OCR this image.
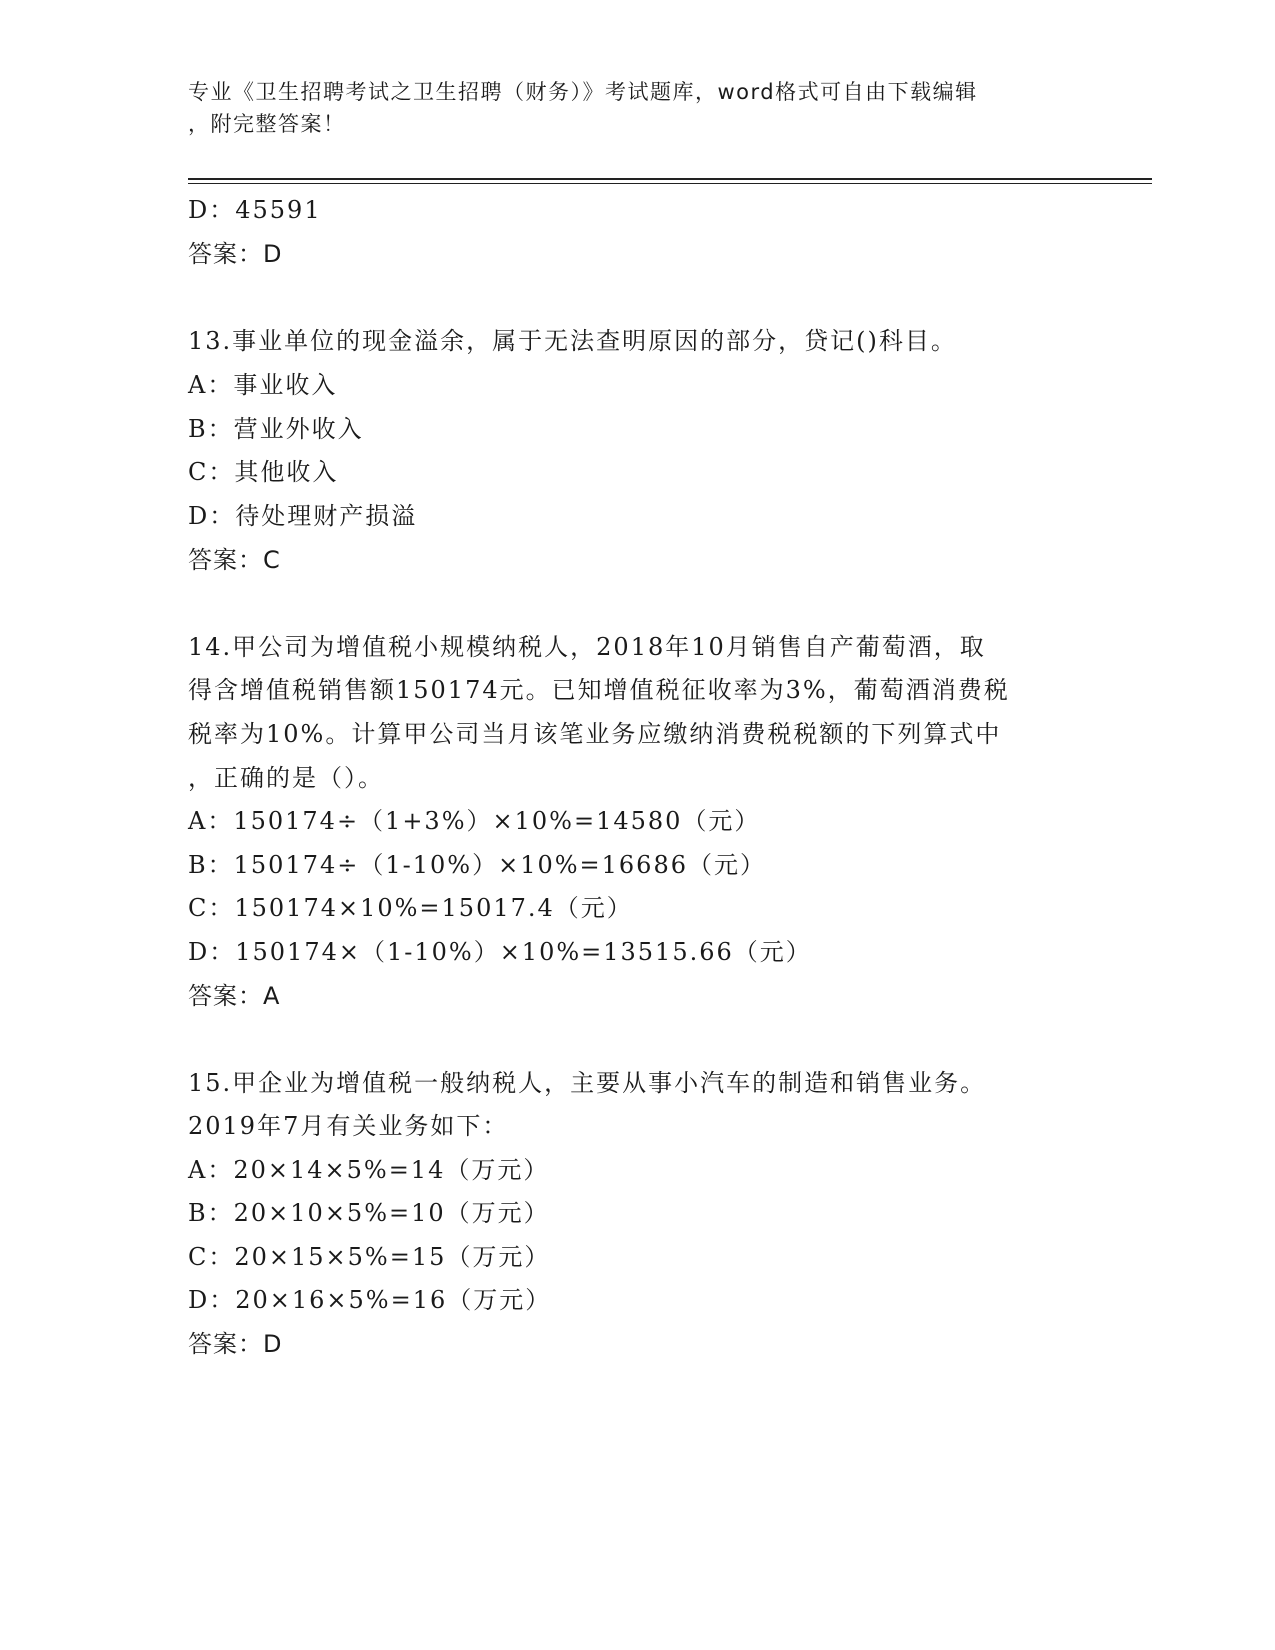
专业《卫生招聘考试之卫生招聘（财务）》考试题库，word格式可自由下载编辑
，附完整答案！
D：45591
答案：D
13.事业单位的现金溢余，属于无法查明原因的部分，贷记()科目。
A：事业收入
B：营业外收入
C：其他收入
D：待处理财产损溢
答案：C
14.甲公司为增值税小规模纳税人，2018年10月销售自产葡萄酒，取
得含增值税销售额150174元。已知增值税征收率为3%，葡萄酒消费税
税率为10%。计算甲公司当月该笔业务应缴纳消费税税额的下列算式中
，正确的是（）。
A：150174÷（1+3%）×10%=14580（元）
B：150174÷（1-10%）×10%=16686（元）
C：150174×10%=15017.4（元）
D：150174×（1-10%）×10%=13515.66（元）
答案：A
15.甲企业为增值税一般纳税人，主要从事小汽车的制造和销售业务。
2019年7月有关业务如下：
A：20×14×5%=14（万元）
B：20×10×5%=10（万元）
C：20×15×5%=15（万元）
D：20×16×5%=16（万元）
答案：D
